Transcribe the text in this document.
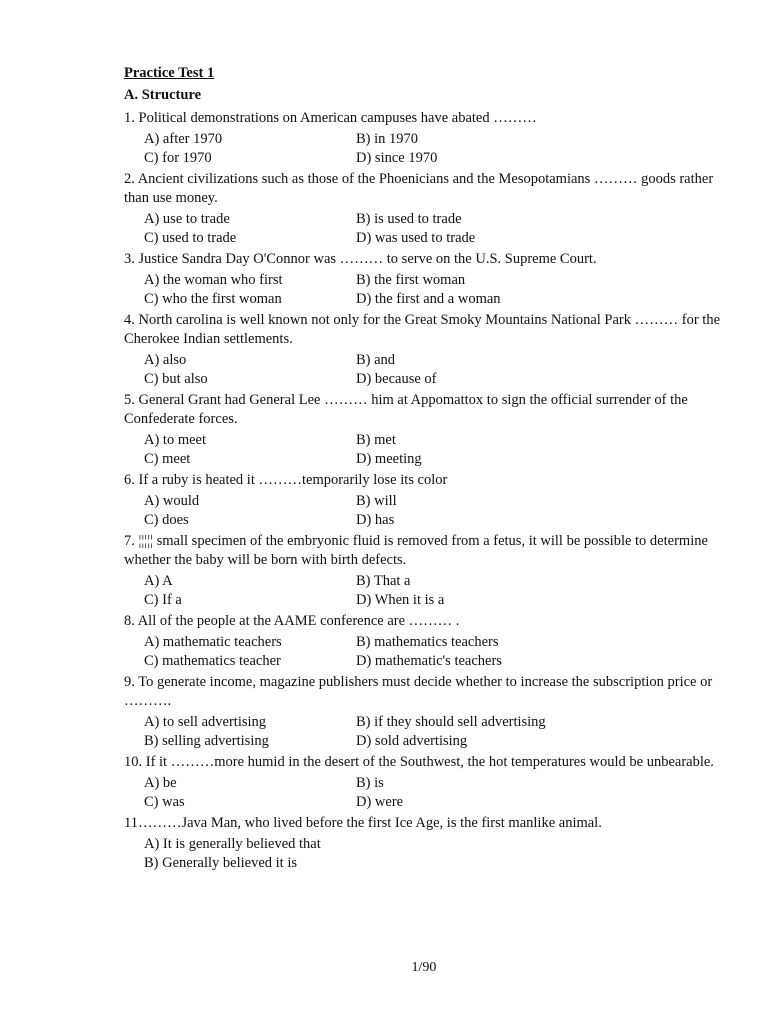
Practice Test 1
A. Structure
1. Political demonstrations on American campuses have abated ………
A) after 1970	B) in 1970
C) for 1970	D) since 1970
2. Ancient civilizations such as those of the Phoenicians and the Mesopotamians ……… goods rather than use money.
A) use to trade	B) is used to trade
C) used to trade	D) was used to trade
3. Justice Sandra Day O'Connor was ……… to serve on the U.S. Supreme Court.
A) the woman who first	B) the first woman
C) who the first woman	D) the first and a woman
4. North carolina is well known not only for the Great Smoky Mountains National Park ……… for the Cherokee Indian settlements.
A) also	B) and
C) but also	D) because of
5. General Grant had General Lee ……… him at Appomattox to sign the official surrender of the Confederate forces.
A) to meet	B) met
C) meet	D) meeting
6. If a ruby is heated it ………temporarily lose its color
A) would	B) will
C) does	D) has
7. ¦¦¦¦¦ small specimen of the embryonic fluid is removed from a fetus, it will be possible to determine whether the baby will be born with birth defects.
A) A	B) That a
C) If a	D) When it is a
8. All of the people at the AAME conference are ……… .
A) mathematic teachers	B) mathematics teachers
C) mathematics teacher	D) mathematic's teachers
9. To generate income, magazine publishers must decide whether to increase the subscription price or ……….
A) to sell advertising	B) if they should sell advertising
B) selling advertising	D) sold advertising
10. If it ………more humid in the desert of the Southwest, the hot temperatures would be unbearable.
A) be	B) is
C) was	D) were
11………Java Man, who lived before the first Ice Age, is the first manlike animal.
A) It is generally believed that
B) Generally believed it is
1/90
